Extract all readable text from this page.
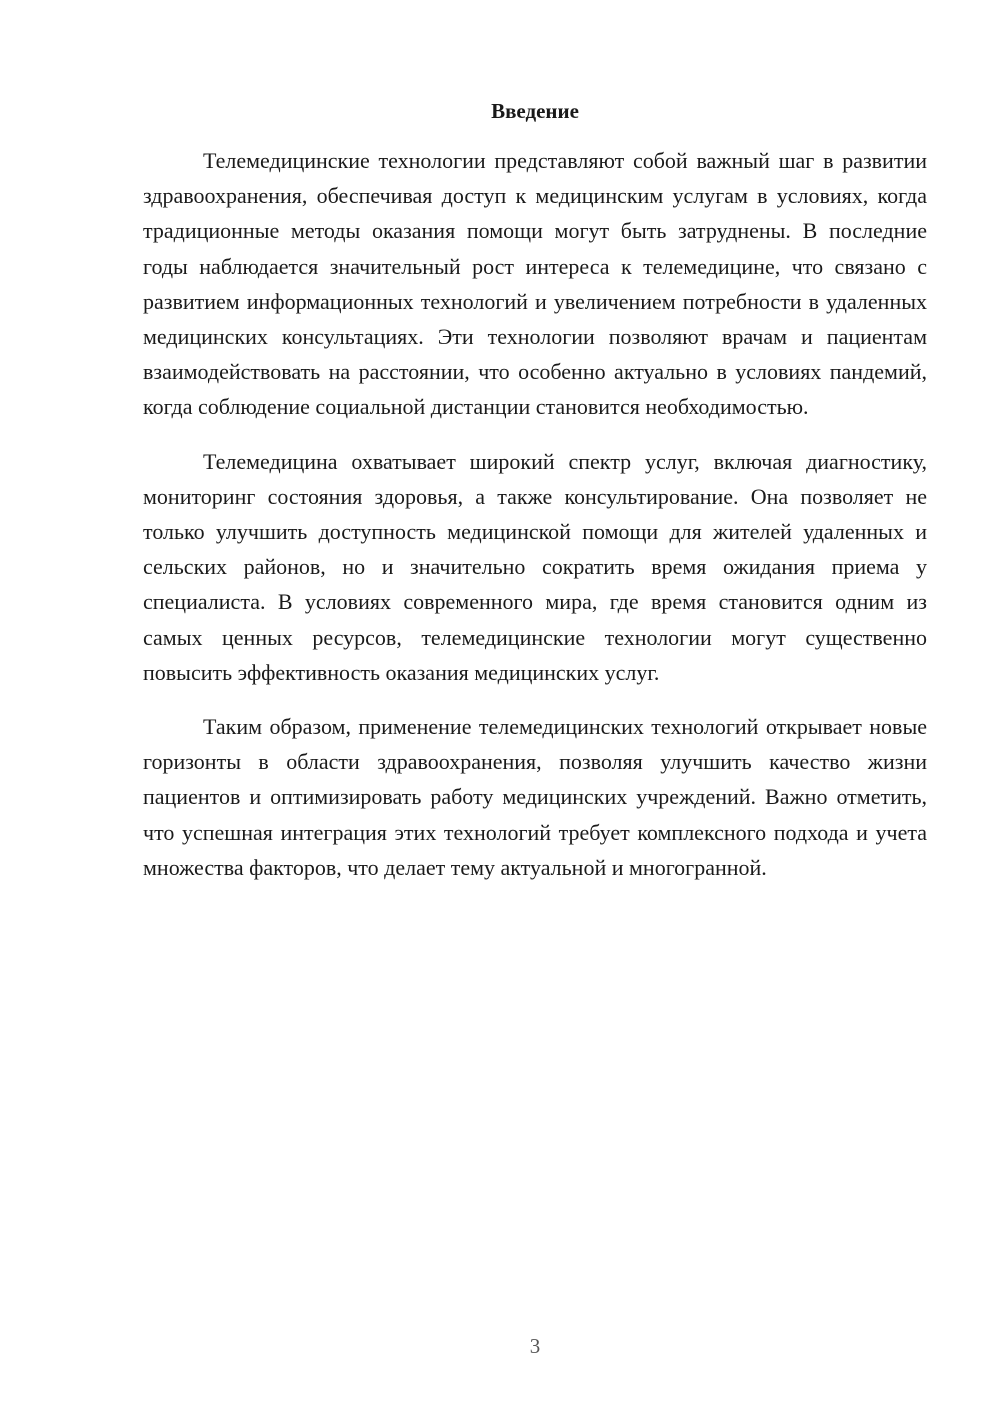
Введение

Телемедицинские технологии представляют собой важный шаг в развитии здравоохранения, обеспечивая доступ к медицинским услугам в условиях, когда традиционные методы оказания помощи могут быть затруднены. В последние годы наблюдается значительный рост интереса к телемедицине, что связано с развитием информационных технологий и увеличением потребности в удаленных медицинских консультациях. Эти технологии позволяют врачам и пациентам взаимодействовать на расстоянии, что особенно актуально в условиях пандемий, когда соблюдение социальной дистанции становится необходимостью.

Телемедицина охватывает широкий спектр услуг, включая диагностику, мониторинг состояния здоровья, а также консультирование. Она позволяет не только улучшить доступность медицинской помощи для жителей удаленных и сельских районов, но и значительно сократить время ожидания приема у специалиста. В условиях современного мира, где время становится одним из самых ценных ресурсов, телемедицинские технологии могут существенно повысить эффективность оказания медицинских услуг.

Таким образом, применение телемедицинских технологий открывает новые горизонты в области здравоохранения, позволяя улучшить качество жизни пациентов и оптимизировать работу медицинских учреждений. Важно отметить, что успешная интеграция этих технологий требует комплексного подхода и учета множества факторов, что делает тему актуальной и многогранной.

3
